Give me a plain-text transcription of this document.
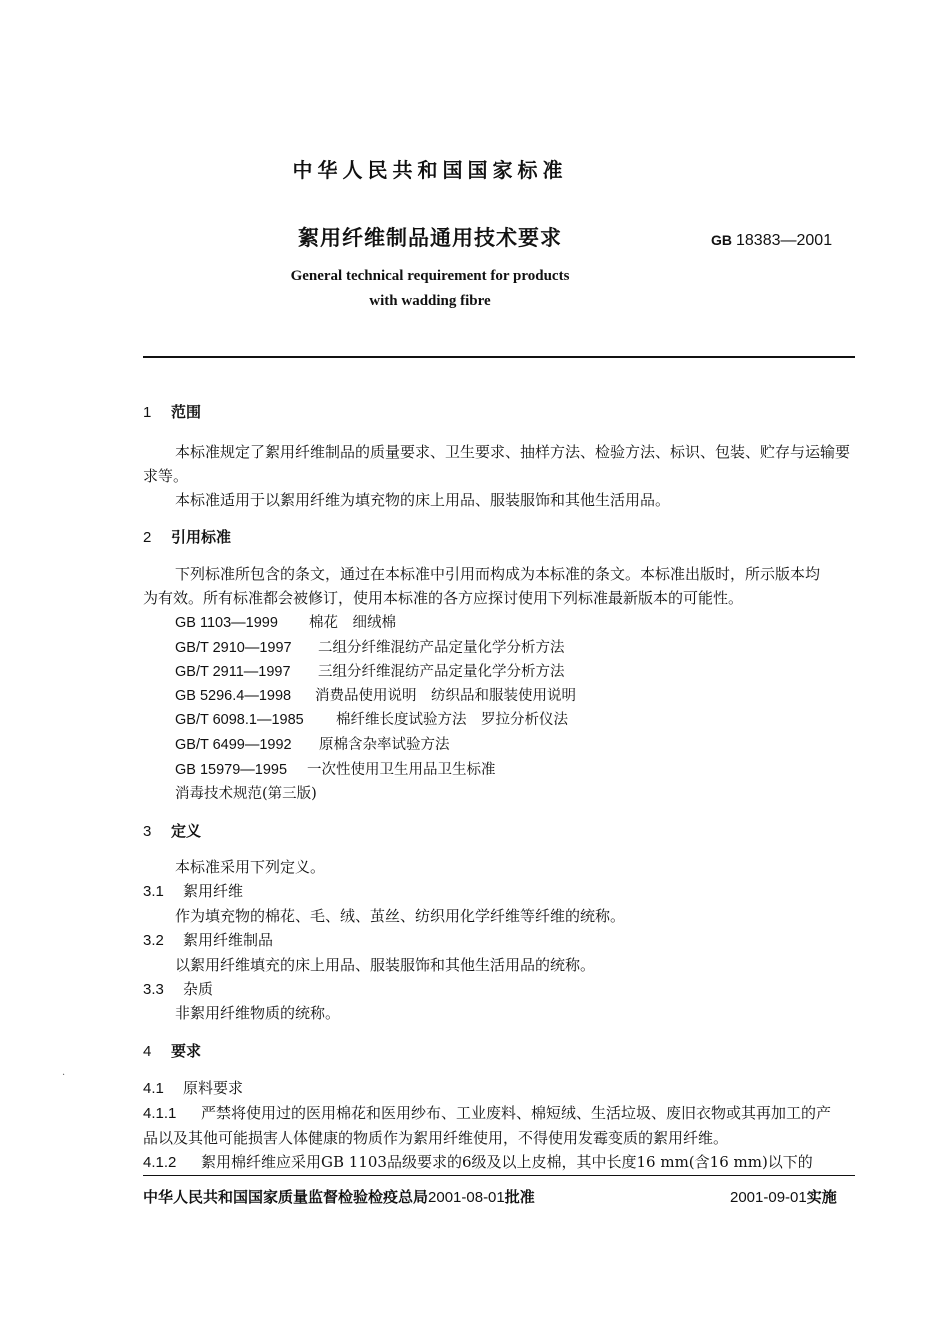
中华人民共和国国家标准
絮用纤维制品通用技术要求	GB 18383—2001
General technical requirement for products
with wadding fibre
1 范围
本标准规定了絮用纤维制品的质量要求、卫生要求、抽样方法、检验方法、标识、包装、贮存与运输要
求等。
本标准适用于以絮用纤维为填充物的床上用品、服装服饰和其他生活用品。
2 引用标准
下列标准所包含的条文，通过在本标准中引用而构成为本标准的条文。本标准出版时，所示版本均
为有效。所有标准都会被修订，使用本标准的各方应探讨使用下列标准最新版本的可能性。
GB 1103—1999 棉花　细绒棉
GB/T 2910—1997 二组分纤维混纺产品定量化学分析方法
GB/T 2911—1997 三组分纤维混纺产品定量化学分析方法
GB 5296.4—1998 消费品使用说明　纺织品和服装使用说明
GB/T 6098.1—1985 棉纤维长度试验方法　罗拉分析仪法
GB/T 6499—1992 原棉含杂率试验方法
GB 15979—1995 一次性使用卫生用品卫生标准
消毒技术规范(第三版)
3 定义
本标准采用下列定义。
3.1 絮用纤维
作为填充物的棉花、毛、绒、茧丝、纺织用化学纤维等纤维的统称。
3.2 絮用纤维制品
以絮用纤维填充的床上用品、服装服饰和其他生活用品的统称。
3.3 杂质
非絮用纤维物质的统称。
4 要求
·
4.1 原料要求
4.1.1 严禁将使用过的医用棉花和医用纱布、工业废料、棉短绒、生活垃圾、废旧衣物或其再加工的产
品以及其他可能损害人体健康的物质作为絮用纤维使用，不得使用发霉变质的絮用纤维。
4.1.2 絮用棉纤维应采用GB 1103品级要求的6级及以上皮棉，其中长度16 mm(含16 mm)以下的
中华人民共和国国家质量监督检验检疫总局2001-08-01批准	2001-09-01实施
